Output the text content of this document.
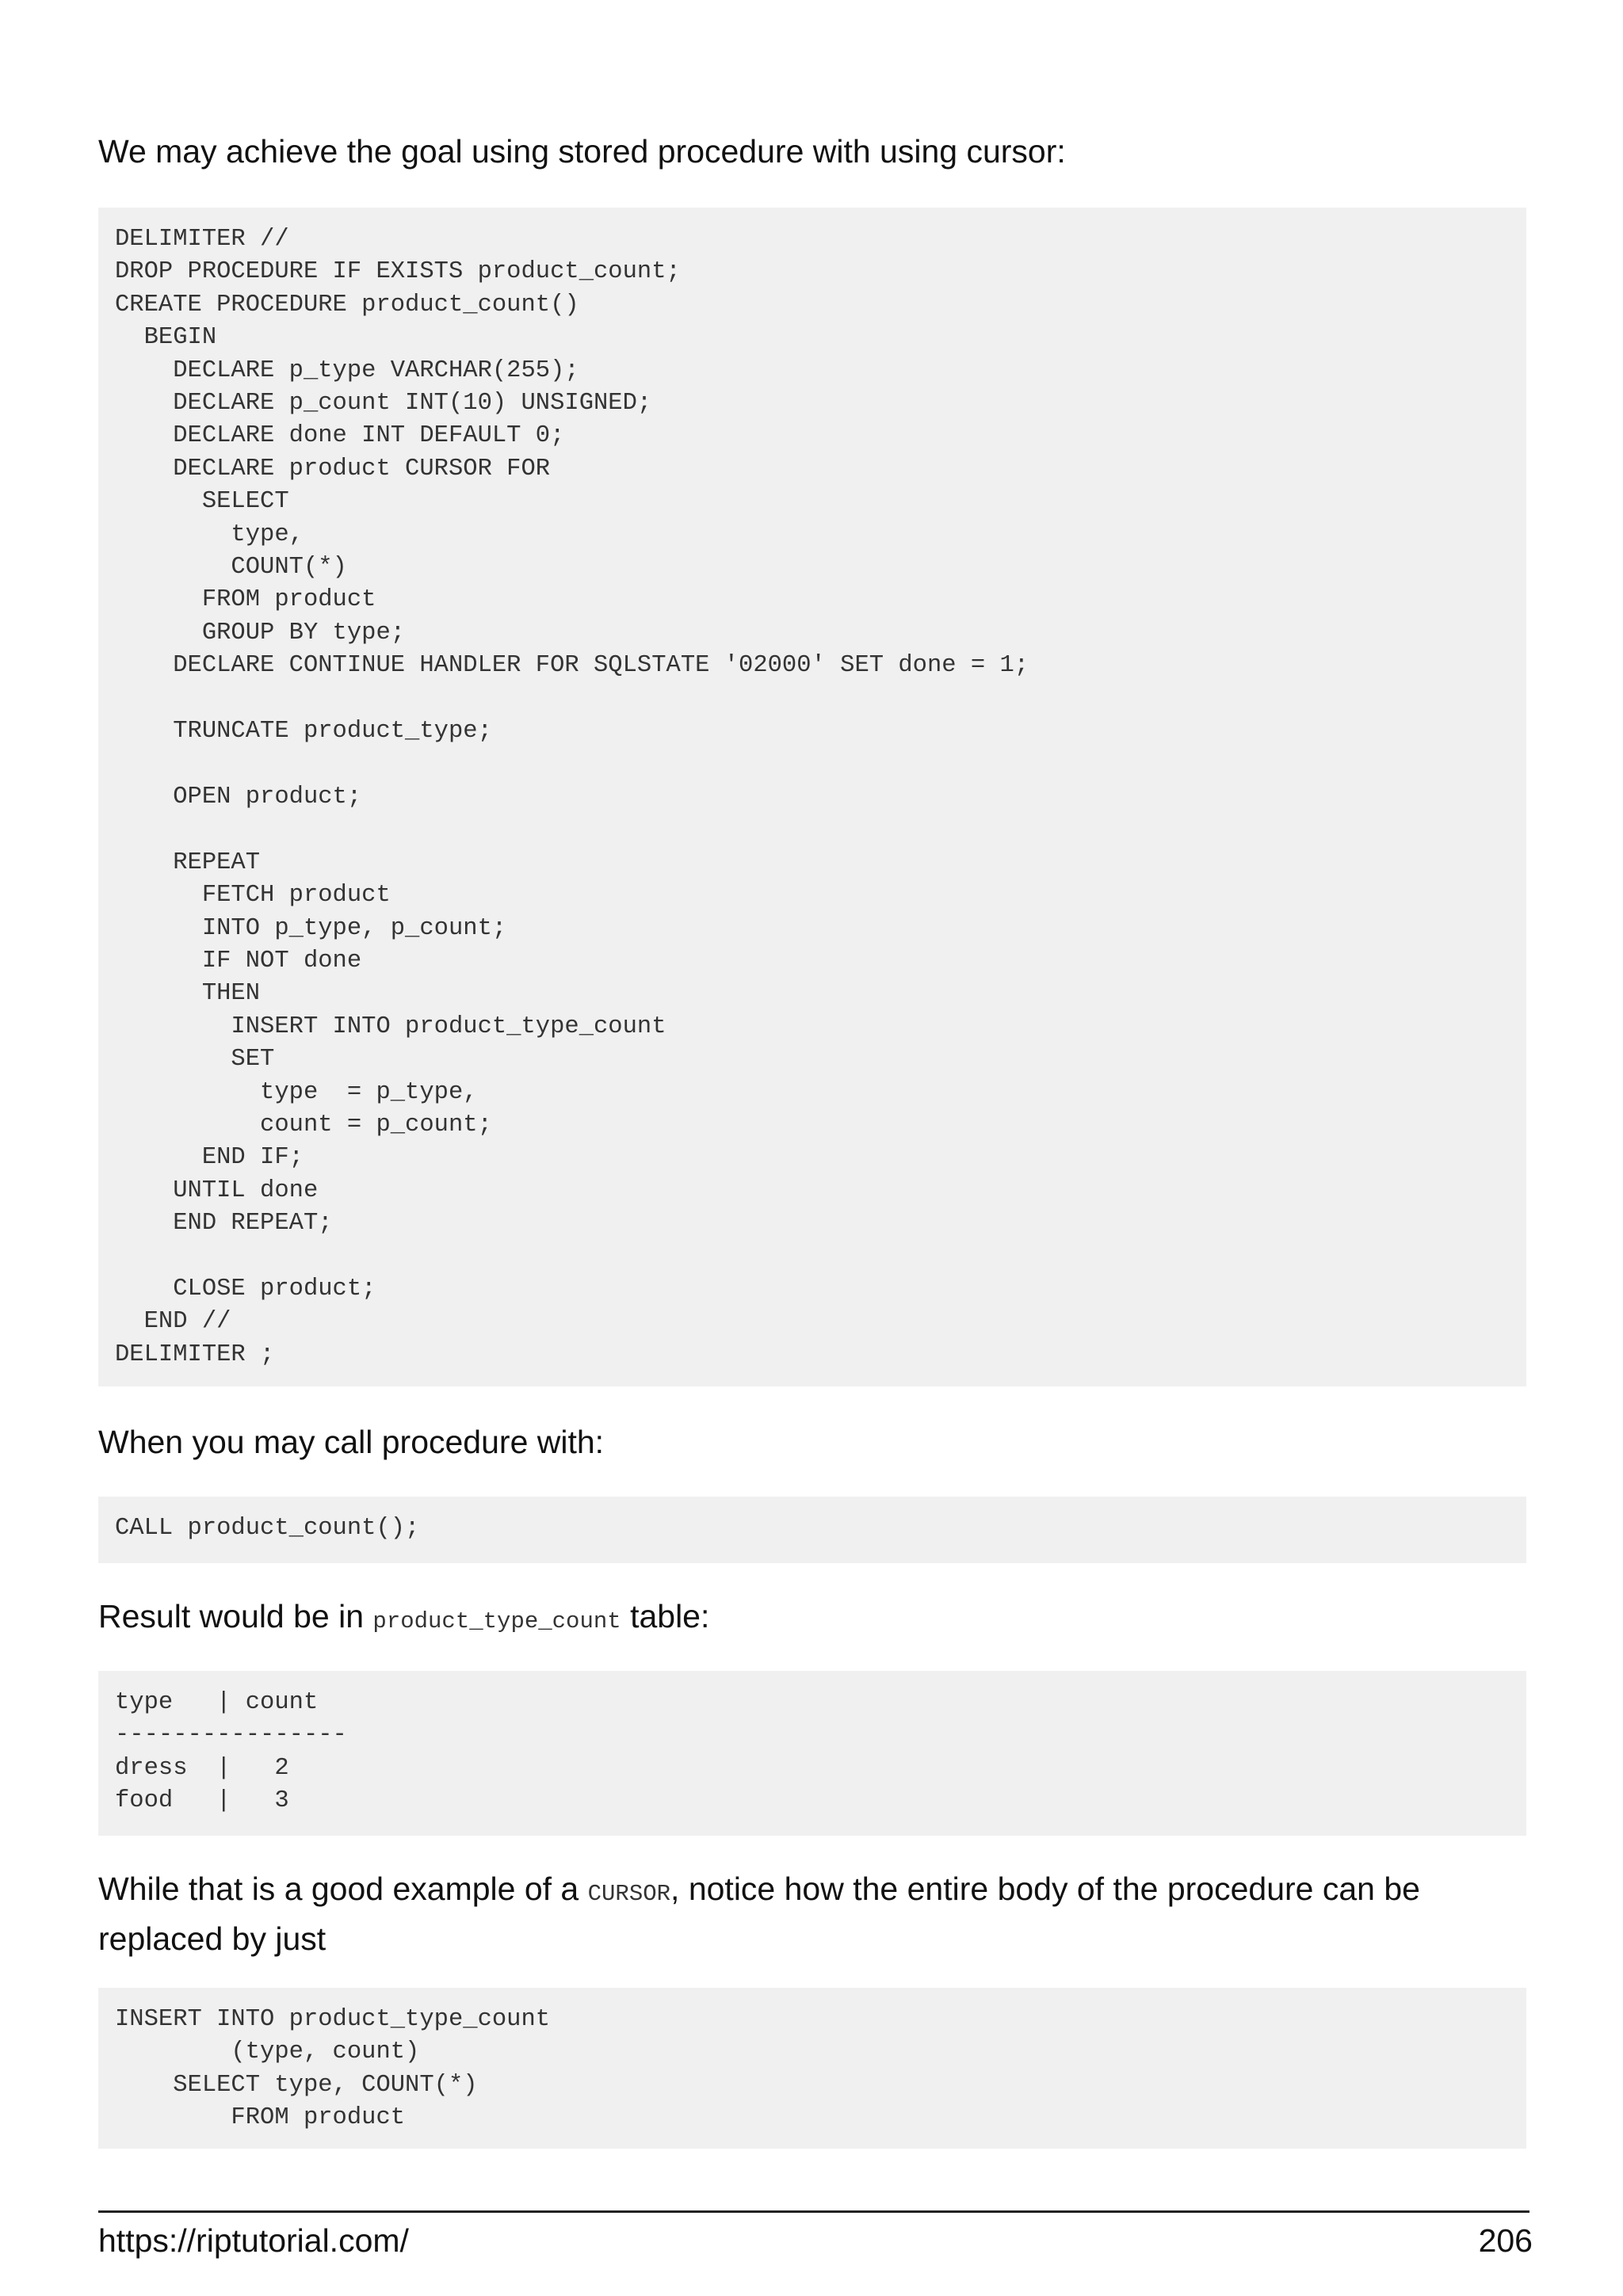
We may achieve the goal using stored procedure with using cursor:

DELIMITER //
DROP PROCEDURE IF EXISTS product_count;
CREATE PROCEDURE product_count()
BEGIN
DECLARE p_type VARCHAR(255);
DECLARE p_count INT(10) UNSIGNED;
DECLARE done INT DEFAULT 0;
DECLARE product CURSOR FOR
SELECT
type,
COUNT(*)
FROM product
GROUP BY type;
DECLARE CONTINUE HANDLER FOR SQLSTATE '02000' SET done = 1;

TRUNCATE product_type;

OPEN product;

REPEAT
FETCH product
INTO p_type, p_count;
IF NOT done
THEN
INSERT INTO product_type_count
SET
type  = p_type,
count = p_count;
END IF;
UNTIL done
END REPEAT;

CLOSE product;
END //
DELIMITER ;

When you may call procedure with:

CALL product_count();

Result would be in product_type_count table:

type   | count
----------------
dress  |   2
food   |   3

While that is a good example of a CURSOR, notice how the entire body of the procedure can be replaced by just

INSERT INTO product_type_count
(type, count)
SELECT type, COUNT(*)
FROM product
https://riptutorial.com/	206
